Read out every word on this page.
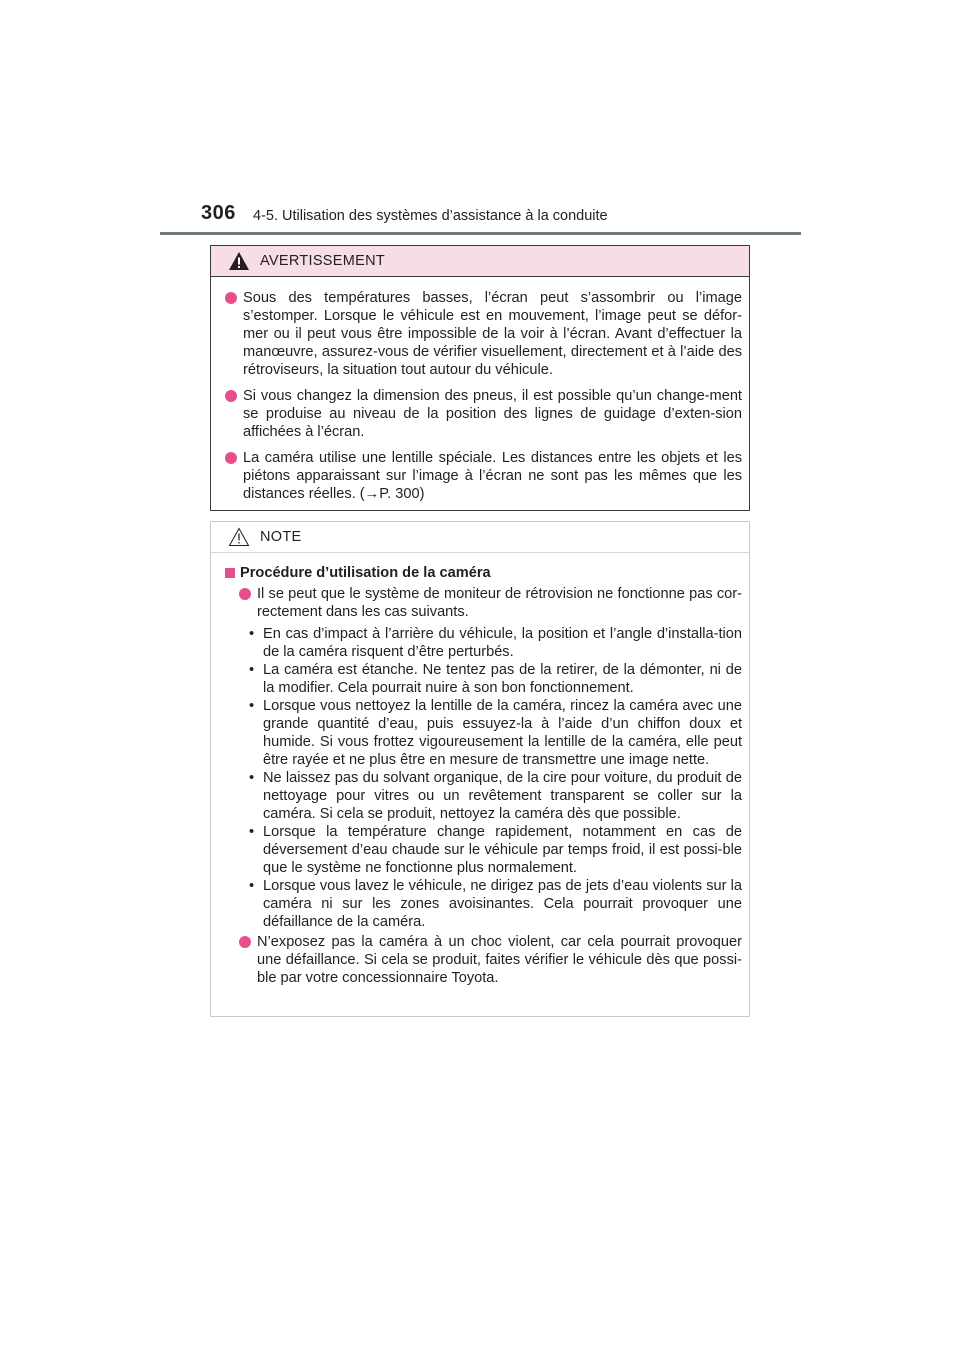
306 4-5. Utilisation des systèmes d’assistance à la conduite
AVERTISSEMENT
Sous des températures basses, l’écran peut s’assombrir ou l’image s’estomper. Lorsque le véhicule est en mouvement, l’image peut se défor-mer ou il peut vous être impossible de la voir à l’écran. Avant d’effectuer la manœuvre, assurez-vous de vérifier visuellement, directement et à l’aide des rétroviseurs, la situation tout autour du véhicule.
Si vous changez la dimension des pneus, il est possible qu’un change-ment se produise au niveau de la position des lignes de guidage d’exten-sion affichées à l’écran.
La caméra utilise une lentille spéciale. Les distances entre les objets et les piétons apparaissant sur l’image à l’écran ne sont pas les mêmes que les distances réelles. (→P. 300)
NOTE
Procédure d’utilisation de la caméra
Il se peut que le système de moniteur de rétrovision ne fonctionne pas cor-rectement dans les cas suivants.
• En cas d’impact à l’arrière du véhicule, la position et l’angle d’installa-tion de la caméra risquent d’être perturbés.
• La caméra est étanche. Ne tentez pas de la retirer, de la démonter, ni de la modifier. Cela pourrait nuire à son bon fonctionnement.
• Lorsque vous nettoyez la lentille de la caméra, rincez la caméra avec une grande quantité d’eau, puis essuyez-la à l’aide d’un chiffon doux et humide. Si vous frottez vigoureusement la lentille de la caméra, elle peut être rayée et ne plus être en mesure de transmettre une image nette.
• Ne laissez pas du solvant organique, de la cire pour voiture, du produit de nettoyage pour vitres ou un revêtement transparent se coller sur la caméra. Si cela se produit, nettoyez la caméra dès que possible.
• Lorsque la température change rapidement, notamment en cas de déversement d’eau chaude sur le véhicule par temps froid, il est possi-ble que le système ne fonctionne plus normalement.
• Lorsque vous lavez le véhicule, ne dirigez pas de jets d’eau violents sur la caméra ni sur les zones avoisinantes. Cela pourrait provoquer une défaillance de la caméra.
N’exposez pas la caméra à un choc violent, car cela pourrait provoquer une défaillance. Si cela se produit, faites vérifier le véhicule dès que possi-ble par votre concessionnaire Toyota.
